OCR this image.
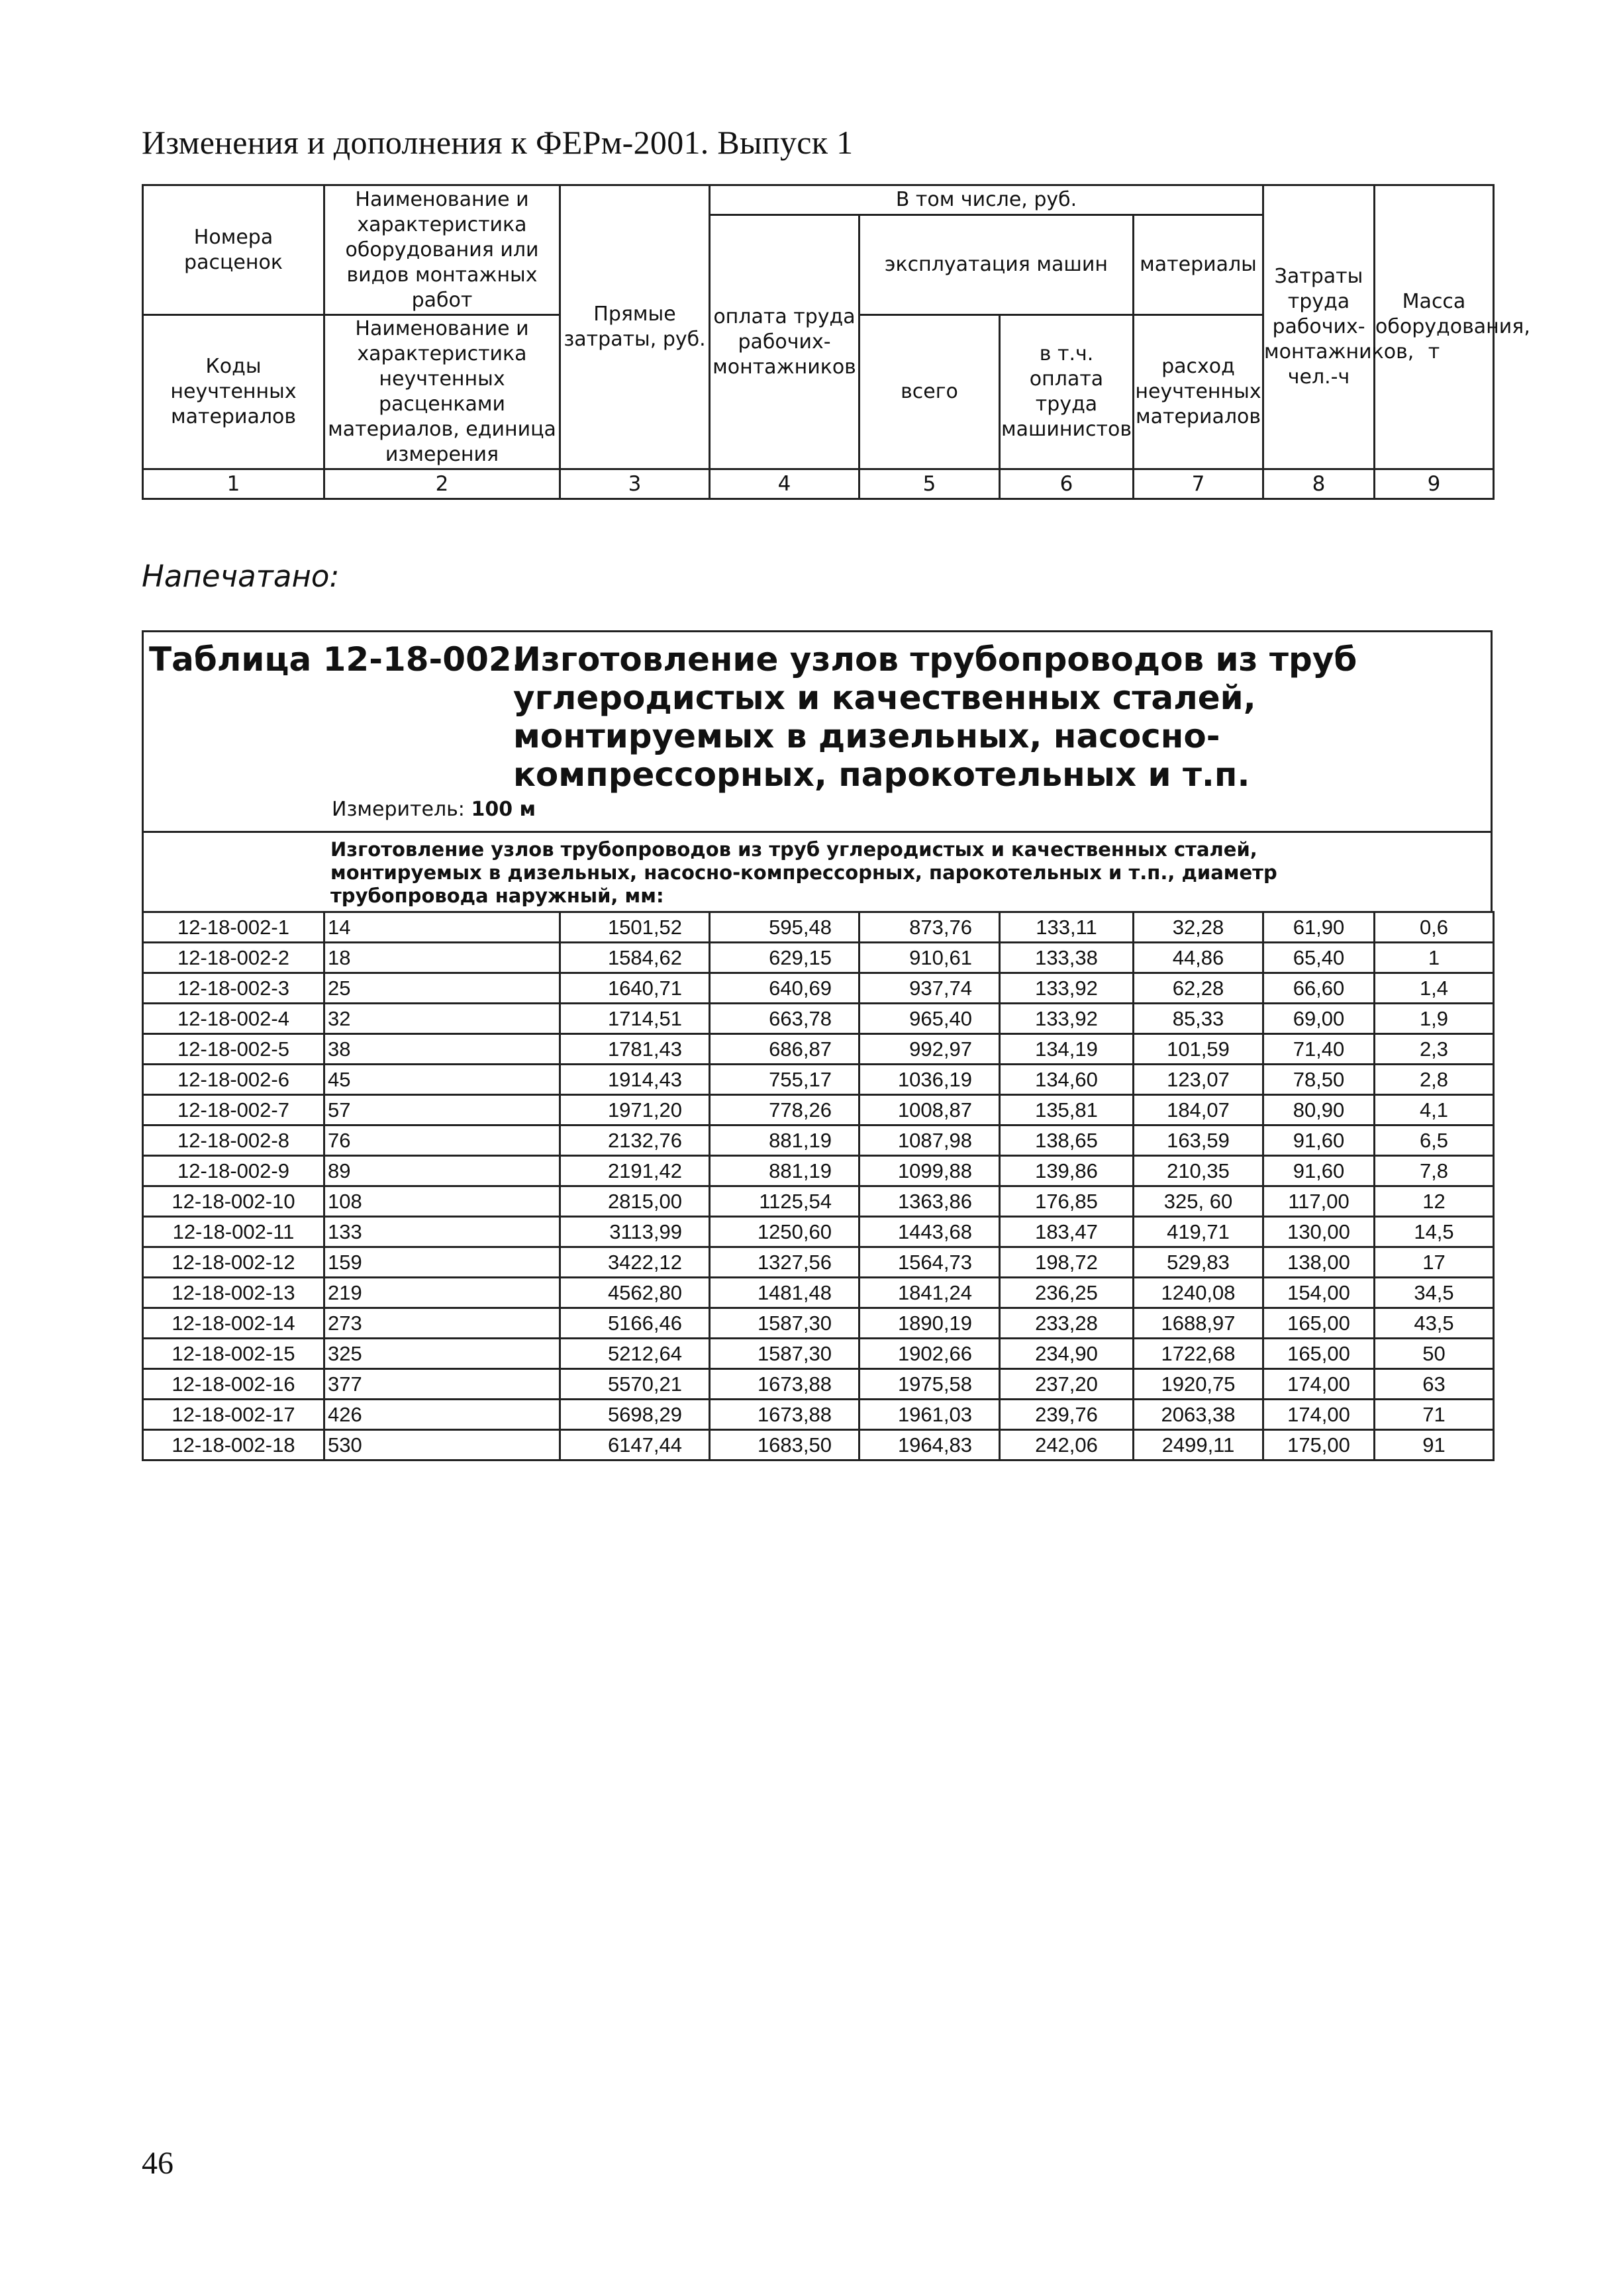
Изменения и дополнения к ФЕРм-2001. Выпуск 1
Номера расценок	Наименование и характеристика оборудования или видов монтажных работ	Прямые затраты, руб.	В том числе, руб.				Затраты труда рабочих-монтажников, чел.-ч	Масса оборудования, т
			оплата труда рабочих-монтажников	эксплуатация машин		материалы		
Коды неучтенных материалов	Наименование и характеристика неучтенных расценками материалов, единица измерения			всего	в т.ч. оплата труда машинистов	расход неучтенных материалов		

1	2	3	4	5	6	7	8	9
Напечатано:
Таблица 12-18-002.
Изготовление узлов трубопроводов из труб
углеродистых и качественных сталей,
монтируемых в дизельных, насосно-
компрессорных, парокотельных и т.п.
Измеритель: 100 м
Изготовление узлов трубопроводов из труб углеродистых и качественных сталей,
монтируемых в дизельных, насосно-компрессорных, парокотельных и т.п., диаметр
трубопровода наружный, мм:
12-18-002-1	14	1501,52	595,48	873,76	133,11	32,28	61,90	0,6
12-18-002-2	18	1584,62	629,15	910,61	133,38	44,86	65,40	1
12-18-002-3	25	1640,71	640,69	937,74	133,92	62,28	66,60	1,4
12-18-002-4	32	1714,51	663,78	965,40	133,92	85,33	69,00	1,9
12-18-002-5	38	1781,43	686,87	992,97	134,19	101,59	71,40	2,3
12-18-002-6	45	1914,43	755,17	1036,19	134,60	123,07	78,50	2,8
12-18-002-7	57	1971,20	778,26	1008,87	135,81	184,07	80,90	4,1
12-18-002-8	76	2132,76	881,19	1087,98	138,65	163,59	91,60	6,5
12-18-002-9	89	2191,42	881,19	1099,88	139,86	210,35	91,60	7,8
12-18-002-10	108	2815,00	1125,54	1363,86	176,85	325, 60	117,00	12
12-18-002-11	133	3113,99	1250,60	1443,68	183,47	419,71	130,00	14,5
12-18-002-12	159	3422,12	1327,56	1564,73	198,72	529,83	138,00	17
12-18-002-13	219	4562,80	1481,48	1841,24	236,25	1240,08	154,00	34,5
12-18-002-14	273	5166,46	1587,30	1890,19	233,28	1688,97	165,00	43,5
12-18-002-15	325	5212,64	1587,30	1902,66	234,90	1722,68	165,00	50
12-18-002-16	377	5570,21	1673,88	1975,58	237,20	1920,75	174,00	63
12-18-002-17	426	5698,29	1673,88	1961,03	239,76	2063,38	174,00	71
12-18-002-18	530	6147,44	1683,50	1964,83	242,06	2499,11	175,00	91
46
